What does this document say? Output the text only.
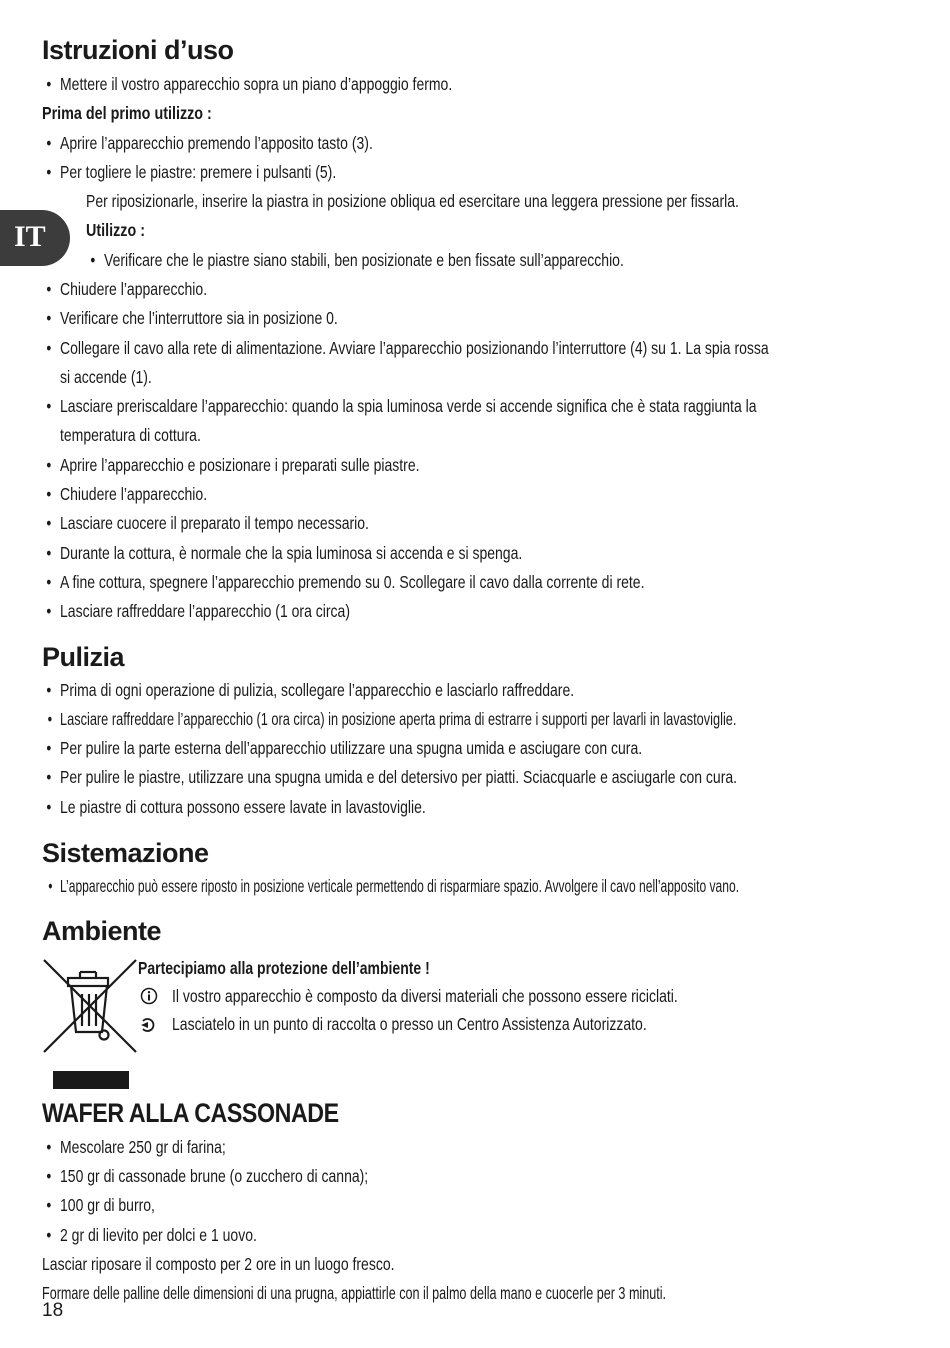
IT
Istruzioni d’uso
• Mettere il vostro apparecchio sopra un piano d’appoggio fermo.
Prima del primo utilizzo :
• Aprire l’apparecchio premendo l’apposito tasto (3).
• Per togliere le piastre: premere i pulsanti (5).
Per riposizionarle, inserire la piastra in posizione obliqua ed esercitare una leggera pressione per fissarla.
Utilizzo :
• Verificare che le piastre siano stabili, ben posizionate e ben fissate sull’apparecchio.
• Chiudere l’apparecchio.
• Verificare che l’interruttore sia in posizione 0.
• Collegare il cavo alla rete di alimentazione. Avviare l’apparecchio posizionando l’interruttore (4) su 1. La spia rossa
si accende (1).
• Lasciare preriscaldare l’apparecchio: quando la spia luminosa verde si accende significa che è stata raggiunta la
temperatura di cottura.
• Aprire l’apparecchio e posizionare i preparati sulle piastre.
• Chiudere l’apparecchio.
• Lasciare cuocere il preparato il tempo necessario.
• Durante la cottura, è normale che la spia luminosa si accenda e si spenga.
• A fine cottura, spegnere l’apparecchio premendo su 0. Scollegare il cavo dalla corrente di rete.
• Lasciare raffreddare l’apparecchio (1 ora circa)
Pulizia
• Prima di ogni operazione di pulizia, scollegare l’apparecchio e lasciarlo raffreddare.
• Lasciare raffreddare l’apparecchio (1 ora circa) in posizione aperta prima di estrarre i supporti per lavarli in lavastoviglie.
• Per pulire la parte esterna dell’apparecchio utilizzare una spugna umida e asciugare con cura.
• Per pulire le piastre, utilizzare una spugna umida e del detersivo per piatti. Sciacquarle e asciugarle con cura.
• Le piastre di cottura possono essere lavate in lavastoviglie.
Sistemazione
• L’apparecchio può essere riposto in posizione verticale permettendo di risparmiare spazio. Avvolgere il cavo nell’apposito vano.
Ambiente
Partecipiamo alla protezione dell’ambiente !
Il vostro apparecchio è composto da diversi materiali che possono essere riciclati.
Lasciatelo in un punto di raccolta o presso un Centro Assistenza Autorizzato.
WAFER ALLA CASSONADE
• Mescolare 250 gr di farina;
• 150 gr di cassonade brune (o zucchero di canna);
• 100 gr di burro,
• 2 gr di lievito per dolci e 1 uovo.
Lasciar riposare il composto per 2 ore in un luogo fresco.
Formare delle palline delle dimensioni di una prugna, appiattirle con il palmo della mano e cuocerle per 3 minuti.
18
